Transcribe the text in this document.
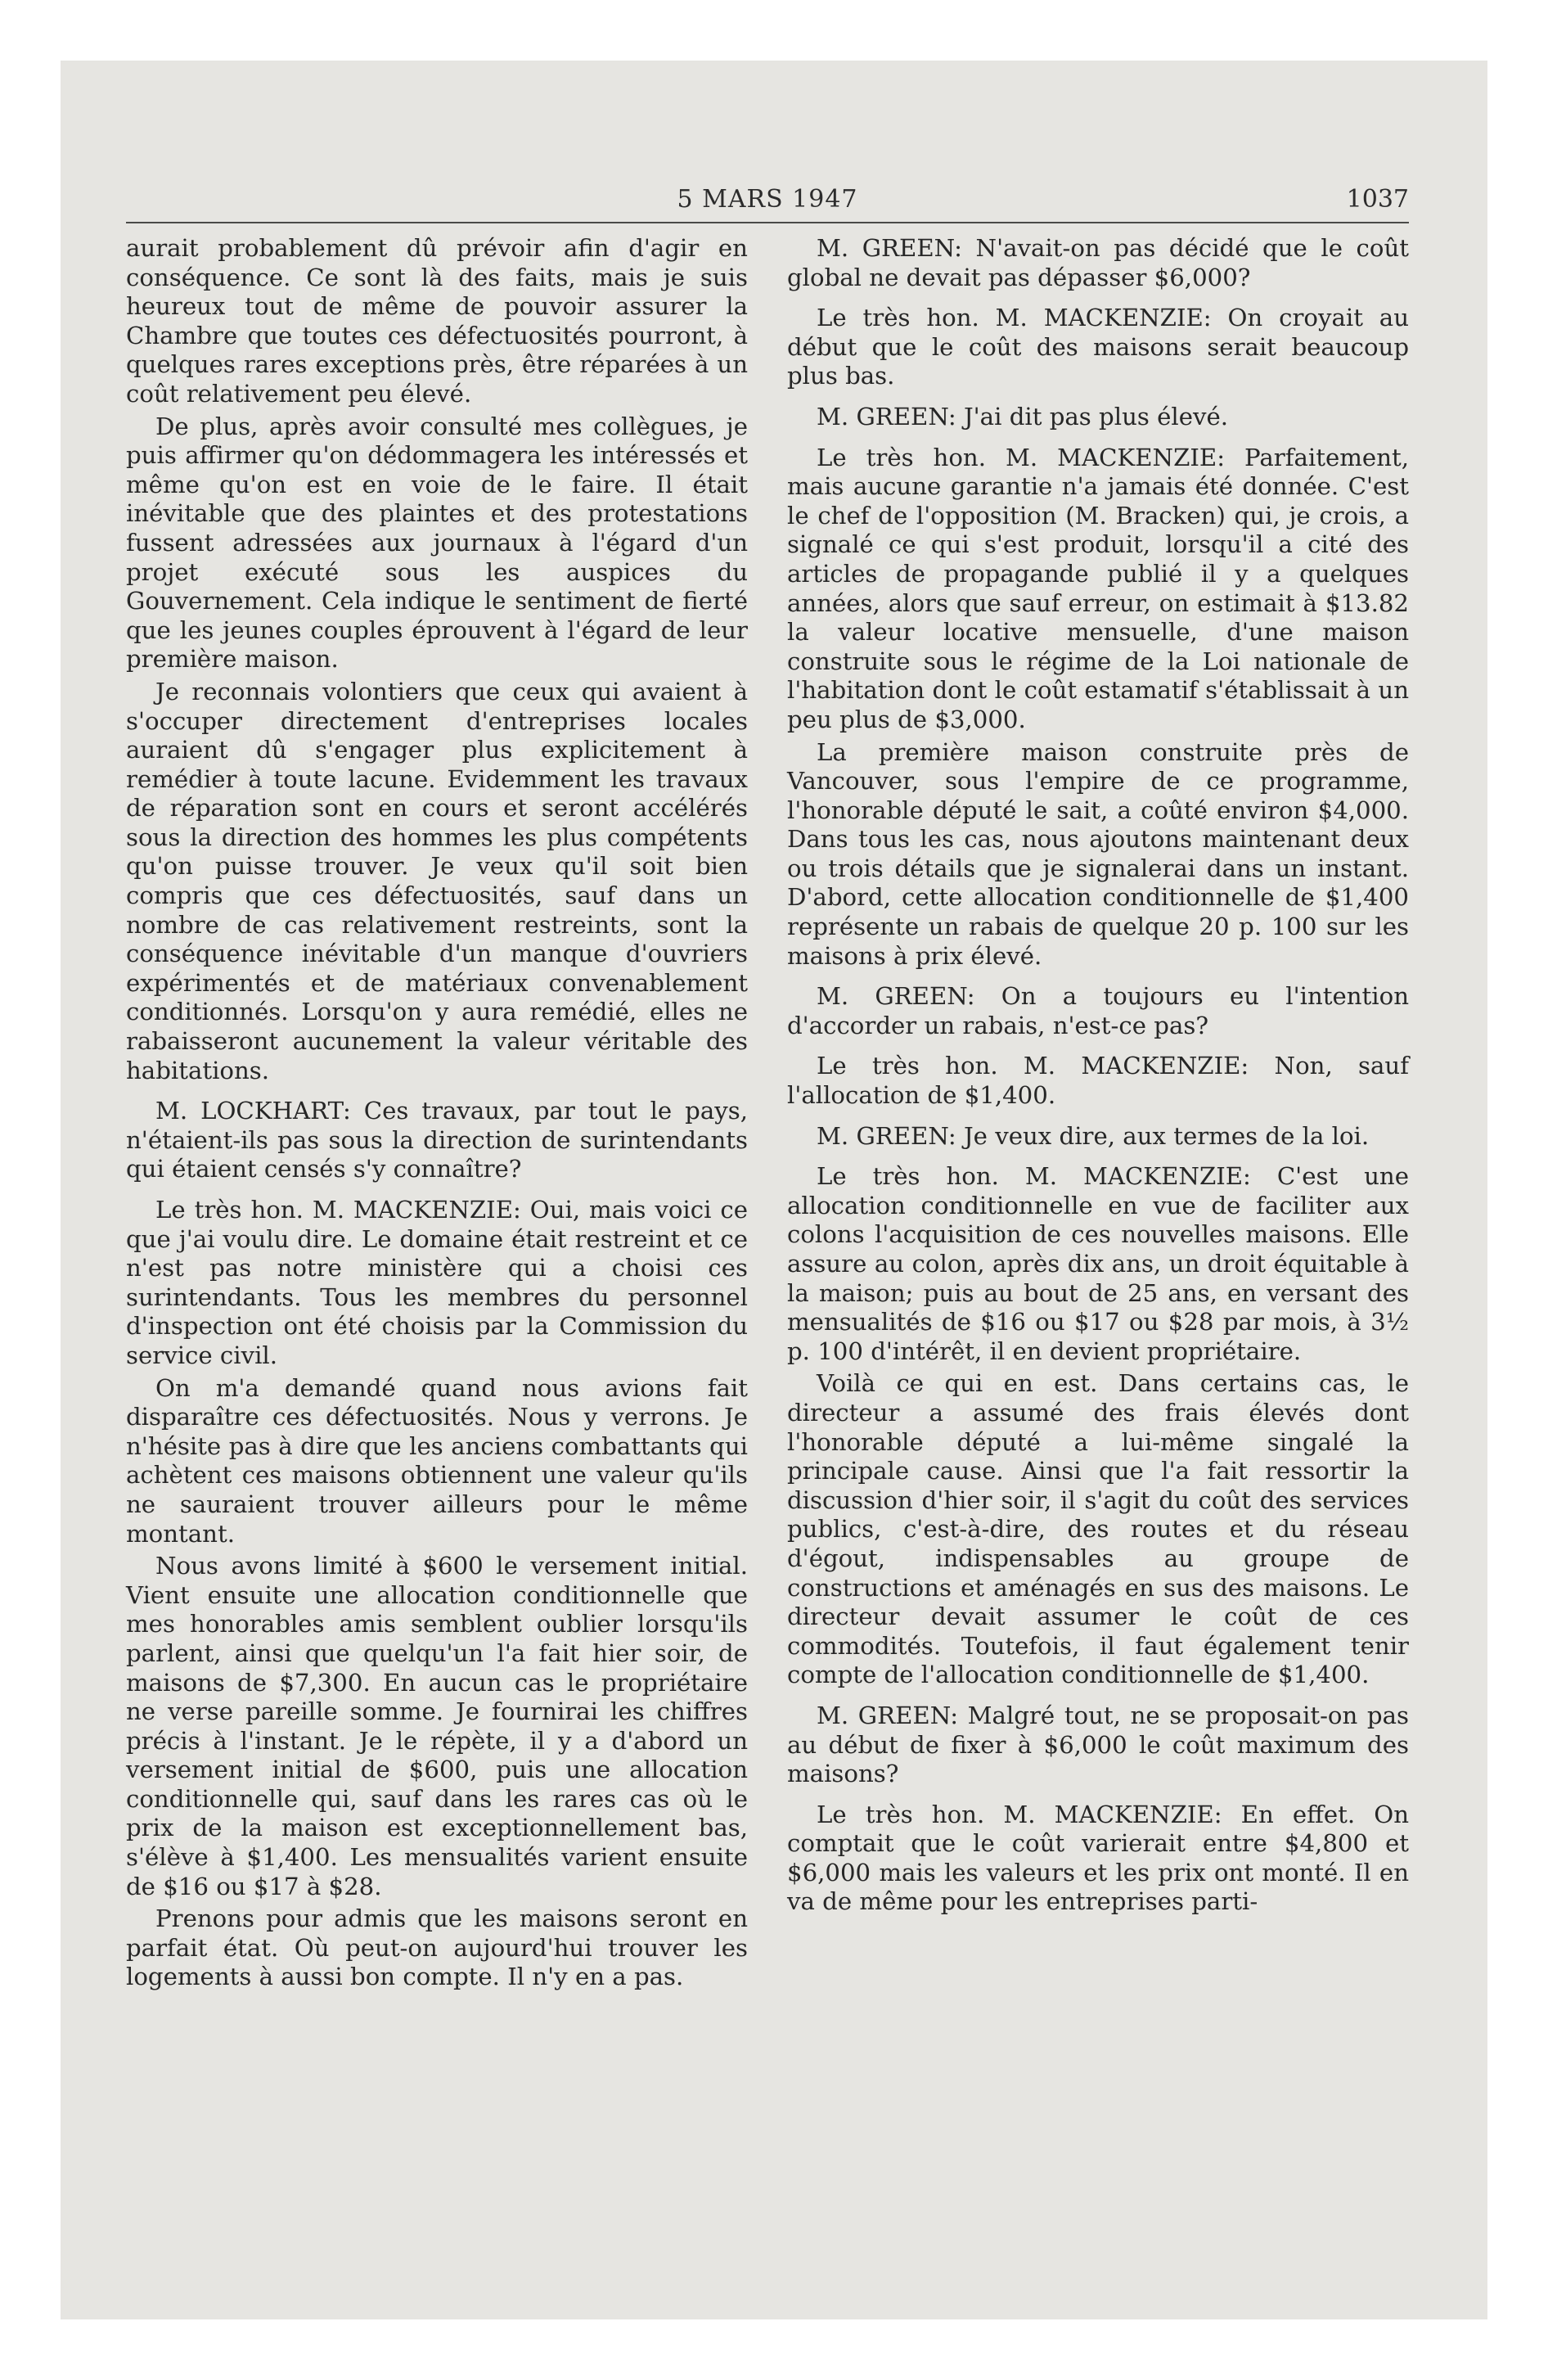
5 MARS 1947	1037

aurait probablement dû prévoir afin d'agir en conséquence. Ce sont là des faits, mais je suis heureux tout de même de pouvoir assurer la Chambre que toutes ces défectuosités pourront, à quelques rares exceptions près, être réparées à un coût relativement peu élevé.

De plus, après avoir consulté mes collègues, je puis affirmer qu'on dédommagera les intéressés et même qu'on est en voie de le faire. Il était inévitable que des plaintes et des protestations fussent adressées aux journaux à l'égard d'un projet exécuté sous les auspices du Gouvernement. Cela indique le sentiment de fierté que les jeunes couples éprouvent à l'égard de leur première maison.

Je reconnais volontiers que ceux qui avaient à s'occuper directement d'entreprises locales auraient dû s'engager plus explicitement à remédier à toute lacune. Evidemment les travaux de réparation sont en cours et seront accélérés sous la direction des hommes les plus compétents qu'on puisse trouver. Je veux qu'il soit bien compris que ces défectuosités, sauf dans un nombre de cas relativement restreints, sont la conséquence inévitable d'un manque d'ouvriers expérimentés et de matériaux convenablement conditionnés. Lorsqu'on y aura remédié, elles ne rabaisseront aucunement la valeur véritable des habitations.

M. LOCKHART: Ces travaux, par tout le pays, n'étaient-ils pas sous la direction de surintendants qui étaient censés s'y connaître?

Le très hon. M. MACKENZIE: Oui, mais voici ce que j'ai voulu dire. Le domaine était restreint et ce n'est pas notre ministère qui a choisi ces surintendants. Tous les membres du personnel d'inspection ont été choisis par la Commission du service civil.

On m'a demandé quand nous avions fait disparaître ces défectuosités. Nous y verrons. Je n'hésite pas à dire que les anciens combattants qui achètent ces maisons obtiennent une valeur qu'ils ne sauraient trouver ailleurs pour le même montant.

Nous avons limité à $600 le versement initial. Vient ensuite une allocation conditionnelle que mes honorables amis semblent oublier lorsqu'ils parlent, ainsi que quelqu'un l'a fait hier soir, de maisons de $7,300. En aucun cas le propriétaire ne verse pareille somme. Je fournirai les chiffres précis à l'instant. Je le répète, il y a d'abord un versement initial de $600, puis une allocation conditionnelle qui, sauf dans les rares cas où le prix de la maison est exceptionnellement bas, s'élève à $1,400. Les mensualités varient ensuite de $16 ou $17 à $28.

Prenons pour admis que les maisons seront en parfait état. Où peut-on aujourd'hui trouver les logements à aussi bon compte. Il n'y en a pas.

M. GREEN: N'avait-on pas décidé que le coût global ne devait pas dépasser $6,000?

Le très hon. M. MACKENZIE: On croyait au début que le coût des maisons serait beaucoup plus bas.

M. GREEN: J'ai dit pas plus élevé.

Le très hon. M. MACKENZIE: Parfaitement, mais aucune garantie n'a jamais été donnée. C'est le chef de l'opposition (M. Bracken) qui, je crois, a signalé ce qui s'est produit, lorsqu'il a cité des articles de propagande publié il y a quelques années, alors que sauf erreur, on estimait à $13.82 la valeur locative mensuelle, d'une maison construite sous le régime de la Loi nationale de l'habitation dont le coût estamatif s'établissait à un peu plus de $3,000.

La première maison construite près de Vancouver, sous l'empire de ce programme, l'honorable député le sait, a coûté environ $4,000. Dans tous les cas, nous ajoutons maintenant deux ou trois détails que je signalerai dans un instant. D'abord, cette allocation conditionnelle de $1,400 représente un rabais de quelque 20 p. 100 sur les maisons à prix élevé.

M. GREEN: On a toujours eu l'intention d'accorder un rabais, n'est-ce pas?

Le très hon. M. MACKENZIE: Non, sauf l'allocation de $1,400.

M. GREEN: Je veux dire, aux termes de la loi.

Le très hon. M. MACKENZIE: C'est une allocation conditionnelle en vue de faciliter aux colons l'acquisition de ces nouvelles maisons. Elle assure au colon, après dix ans, un droit équitable à la maison; puis au bout de 25 ans, en versant des mensualités de $16 ou $17 ou $28 par mois, à 3½ p. 100 d'intérêt, il en devient propriétaire.

Voilà ce qui en est. Dans certains cas, le directeur a assumé des frais élevés dont l'honorable député a lui-même singalé la principale cause. Ainsi que l'a fait ressortir la discussion d'hier soir, il s'agit du coût des services publics, c'est-à-dire, des routes et du réseau d'égout, indispensables au groupe de constructions et aménagés en sus des maisons. Le directeur devait assumer le coût de ces commodités. Toutefois, il faut également tenir compte de l'allocation conditionnelle de $1,400.

M. GREEN: Malgré tout, ne se proposait-on pas au début de fixer à $6,000 le coût maximum des maisons?

Le très hon. M. MACKENZIE: En effet. On comptait que le coût varierait entre $4,800 et $6,000 mais les valeurs et les prix ont monté. Il en va de même pour les entreprises parti-
